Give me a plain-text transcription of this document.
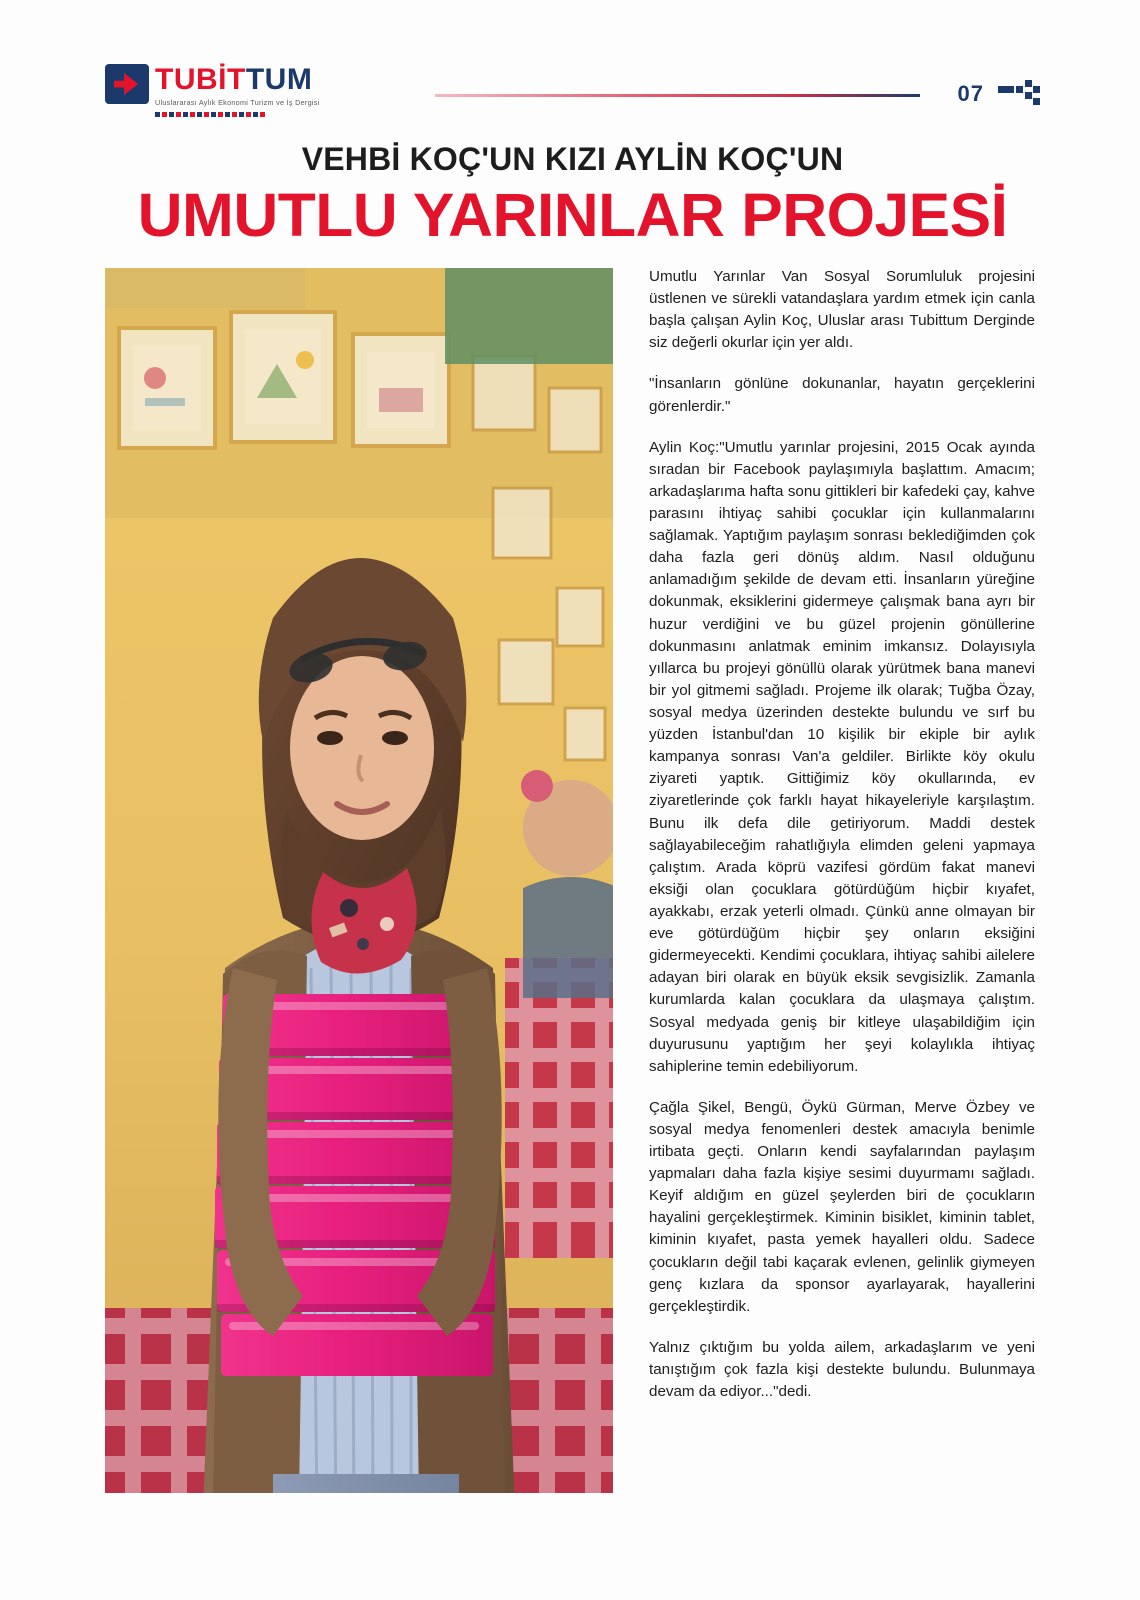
TUBİTTUM
Uluslararası Aylık Ekonomi Turizm ve İş Dergisi	07
VEHBİ KOÇ'UN KIZI AYLİN KOÇ'UN
UMUTLU YARINLAR PROJESİ

Umutlu Yarınlar Van Sosyal Sorumluluk projesini üstlenen ve sürekli vatandaşlara yardım etmek için canla başla çalışan Aylin Koç, Uluslar arası Tubittum Derginde siz değerli okurlar için yer aldı.

"İnsanların gönlüne dokunanlar, hayatın gerçeklerini görenlerdir."

Aylin Koç:"Umutlu yarınlar projesini, 2015 Ocak ayında sıradan bir Facebook paylaşımıyla başlattım. Amacım; arkadaşlarıma hafta sonu gittikleri bir kafedeki çay, kahve parasını ihtiyaç sahibi çocuklar için kullanmalarını sağlamak. Yaptığım paylaşım sonrası beklediğimden çok daha fazla geri dönüş aldım. Nasıl olduğunu anlamadığım şekilde de devam etti. İnsanların yüreğine dokunmak, eksiklerini gidermeye çalışmak bana ayrı bir huzur verdiğini ve bu güzel projenin gönüllerine dokunmasını anlatmak eminim imkansız. Dolayısıyla yıllarca bu projeyi gönüllü olarak yürütmek bana manevi bir yol gitmemi sağladı. Projeme ilk olarak; Tuğba Özay, sosyal medya üzerinden destekte bulundu ve sırf bu yüzden İstanbul'dan 10 kişilik bir ekiple bir aylık kampanya sonrası Van'a geldiler. Birlikte köy okulu ziyareti yaptık. Gittiğimiz köy okullarında, ev ziyaretlerinde çok farklı hayat hikayeleriyle karşılaştım. Bunu ilk defa dile getiriyorum. Maddi destek sağlayabileceğim rahatlığıyla elimden geleni yapmaya çalıştım. Arada köprü vazifesi gördüm fakat manevi eksiği olan çocuklara götürdüğüm hiçbir kıyafet, ayakkabı, erzak yeterli olmadı. Çünkü anne olmayan bir eve götürdüğüm hiçbir şey onların eksiğini gidermeyecekti. Kendimi çocuklara, ihtiyaç sahibi ailelere adayan biri olarak en büyük eksik sevgisizlik. Zamanla kurumlarda kalan çocuklara da ulaşmaya çalıştım. Sosyal medyada geniş bir kitleye ulaşabildiğim için duyurusunu yaptığım her şeyi kolaylıkla ihtiyaç sahiplerine temin edebiliyorum.

Çağla Şikel, Bengü, Öykü Gürman, Merve Özbey ve sosyal medya fenomenleri destek amacıyla benimle irtibata geçti. Onların kendi sayfalarından paylaşım yapmaları daha fazla kişiye sesimi duyurmamı sağladı. Keyif aldığım en güzel şeylerden biri de çocukların hayalini gerçekleştirmek. Kiminin bisiklet, kiminin tablet, kiminin kıyafet, pasta yemek hayalleri oldu. Sadece çocukların değil tabi kaçarak evlenen, gelinlik giymeyen genç kızlara da sponsor ayarlayarak, hayallerini gerçekleştirdik.

Yalnız çıktığım bu yolda ailem, arkadaşlarım ve yeni tanıştığım çok fazla kişi destekte bulundu. Bulunmaya devam da ediyor..."dedi.
